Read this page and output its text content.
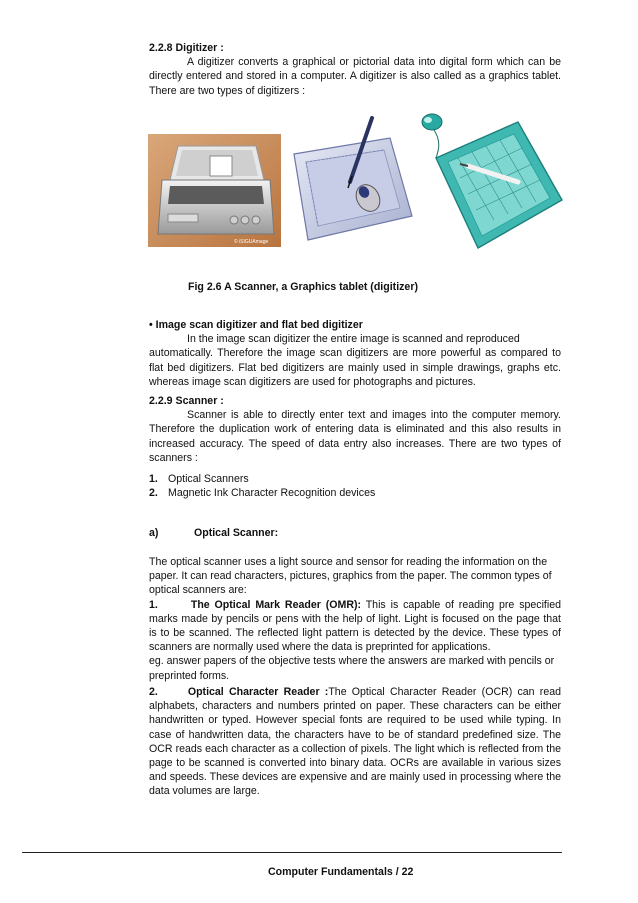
2.2.8 Digitizer :

A digitizer converts a graphical or pictorial data into digital form which can be directly entered and stored in a computer. A digitizer is also called as a graphics tablet. There are two types of digitizers :

© iSIGUAmage

Fig 2.6 A Scanner, a Graphics tablet (digitizer)

• Image scan digitizer and flat bed digitizer

In the image scan digitizer the entire image is scanned and reproduced

automatically. Therefore the image scan digitizers are more powerful as compared to flat bed digitizers. Flat bed digitizers are mainly used in simple drawings, graphs etc. whereas image scan digitizers are used for photographs and pictures.

2.2.9 Scanner :

Scanner is able to directly enter text and images into the computer memory. Therefore the duplication work of entering data is eliminated and this also results in increased accuracy. The speed of data entry also increases. There are two types of scanners :

1. Optical Scanners
2. Magnetic Ink Character Recognition devices
a)	Optical Scanner:

The optical scanner uses a light source and sensor for reading the information on the paper. It can read characters, pictures, graphics from the paper. The common types of optical scanners are:

1.	The Optical Mark Reader (OMR): This is capable of reading pre specified marks made by pencils or pens with the help of light. Light is focused on the page that is to be scanned. The reflected light pattern is detected by the device. These types of scanners are normally used where the data is preprinted for applications.

eg. answer papers of the objective tests where the answers are marked with pencils or preprinted forms.

2.	Optical Character Reader :The Optical Character Reader (OCR) can read alphabets, characters and numbers printed on paper. These characters can be either handwritten or typed. However special fonts are required to be used while typing. In case of handwritten data, the characters have to be of standard predefined size. The OCR reads each character as a collection of pixels. The light which is reflected from the page to be scanned is converted into binary data. OCRs are available in various sizes and speeds. These devices are expensive and are mainly used in processing where the data volumes are large.

Computer Fundamentals / 22
